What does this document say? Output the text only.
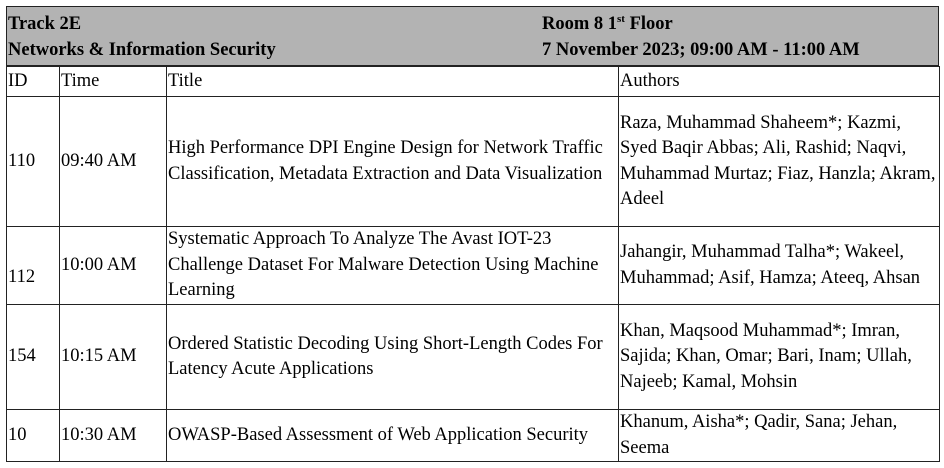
Track 2E
Networks & Information Security
Room 8 1st Floor
7 November 2023; 09:00 AM - 11:00 AM
ID	Time	Title	Authors
110	09:40 AM	High Performance DPI Engine Design for Network Traffic Classification, Metadata Extraction and Data Visualization	Raza, Muhammad Shaheem*; Kazmi, Syed Baqir Abbas; Ali, Rashid; Naqvi, Muhammad Murtaz; Fiaz, Hanzla; Akram, Adeel
112	10:00 AM	Systematic Approach To Analyze The Avast IOT-23 Challenge Dataset For Malware Detection Using Machine Learning	Jahangir, Muhammad Talha*; Wakeel, Muhammad; Asif, Hamza; Ateeq, Ahsan
154	10:15 AM	Ordered Statistic Decoding Using Short-Length Codes For Latency Acute Applications	Khan, Maqsood Muhammad*; Imran, Sajida; Khan, Omar; Bari, Inam; Ullah, Najeeb; Kamal, Mohsin
10	10:30 AM	OWASP-Based Assessment of Web Application Security	Khanum, Aisha*; Qadir, Sana; Jehan, Seema
